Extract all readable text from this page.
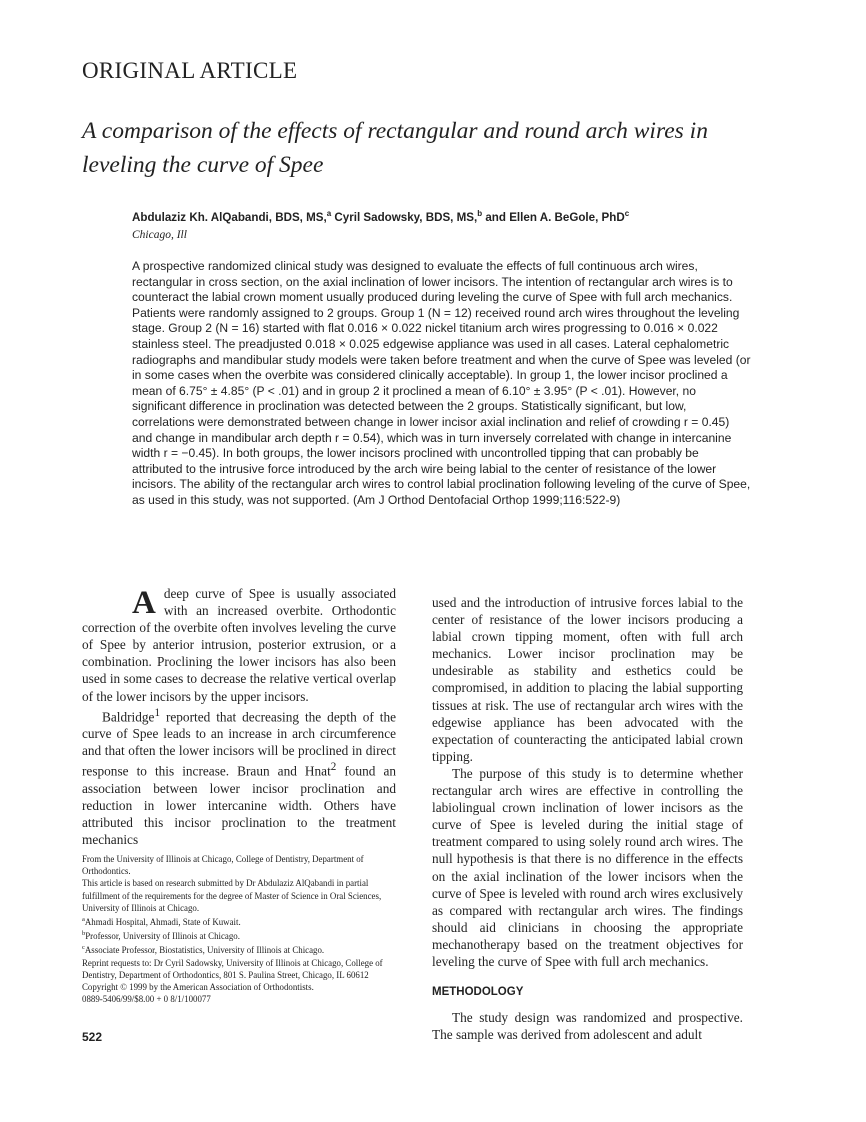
ORIGINAL ARTICLE
A comparison of the effects of rectangular and round arch wires in leveling the curve of Spee
Abdulaziz Kh. AlQabandi, BDS, MS,$^a$ Cyril Sadowsky, BDS, MS,$^b$ and Ellen A. BeGole, PhD$^c$
Chicago, Ill
A prospective randomized clinical study was designed to evaluate the effects of full continuous arch wires, rectangular in cross section, on the axial inclination of lower incisors. The intention of rectangular arch wires is to counteract the labial crown moment usually produced during leveling the curve of Spee with full arch mechanics. Patients were randomly assigned to 2 groups. Group 1 (N = 12) received round arch wires throughout the leveling stage. Group 2 (N = 16) started with flat 0.016 × 0.022 nickel titanium arch wires progressing to 0.016 × 0.022 stainless steel. The preadjusted 0.018 × 0.025 edgewise appliance was used in all cases. Lateral cephalometric radiographs and mandibular study models were taken before treatment and when the curve of Spee was leveled (or in some cases when the overbite was considered clinically acceptable). In group 1, the lower incisor proclined a mean of 6.75° ± 4.85° (P < .01) and in group 2 it proclined a mean of 6.10° ± 3.95° (P < .01). However, no significant difference in proclination was detected between the 2 groups. Statistically significant, but low, correlations were demonstrated between change in lower incisor axial inclination and relief of crowding r = 0.45) and change in mandibular arch depth r = 0.54), which was in turn inversely correlated with change in intercanine width r = −0.45). In both groups, the lower incisors proclined with uncontrolled tipping that can probably be attributed to the intrusive force introduced by the arch wire being labial to the center of resistance of the lower incisors. The ability of the rectangular arch wires to control labial proclination following leveling of the curve of Spee, as used in this study, was not supported. (Am J Orthod Dentofacial Orthop 1999;116:522-9)

Adeep curve of Spee is usually associated with an increased overbite. Orthodontic correction of the overbite often involves leveling the curve of Spee by anterior intrusion, posterior extrusion, or a combination. Proclining the lower incisors has also been used in some cases to decrease the relative vertical overlap of the lower incisors by the upper incisors.

Baldridge$^1$ reported that decreasing the depth of the curve of Spee leads to an increase in arch circumference and that often the lower incisors will be proclined in direct response to this increase. Braun and Hnat$^2$ found an association between lower incisor proclination and reduction in lower intercanine width. Others have attributed this incisor proclination to the treatment mechanics

From the University of Illinois at Chicago, College of Dentistry, Department of Orthodontics.
This article is based on research submitted by Dr Abdulaziz AlQabandi in partial fulfillment of the requirements for the degree of Master of Science in Oral Sciences, University of Illinois at Chicago.
$^a$Ahmadi Hospital, Ahmadi, State of Kuwait.
$^b$Professor, University of Illinois at Chicago.
$^c$Associate Professor, Biostatistics, University of Illinois at Chicago.
Reprint requests to: Dr Cyril Sadowsky, University of Illinois at Chicago, College of Dentistry, Department of Orthodontics, 801 S. Paulina Street, Chicago, IL 60612
Copyright © 1999 by the American Association of Orthodontists.
0889-5406/99/$8.00 + 0 8/1/100077

used and the introduction of intrusive forces labial to the center of resistance of the lower incisors producing a labial crown tipping moment, often with full arch mechanics. Lower incisor proclination may be undesirable as stability and esthetics could be compromised, in addition to placing the labial supporting tissues at risk. The use of rectangular arch wires with the edgewise appliance has been advocated with the expectation of counteracting the anticipated labial crown tipping.

The purpose of this study is to determine whether rectangular arch wires are effective in controlling the labiolingual crown inclination of lower incisors as the curve of Spee is leveled during the initial stage of treatment compared to using solely round arch wires. The null hypothesis is that there is no difference in the effects on the axial inclination of the lower incisors when the curve of Spee is leveled with round arch wires exclusively as compared with rectangular arch wires. The findings should aid clinicians in choosing the appropriate mechanotherapy based on the treatment objectives for leveling the curve of Spee with full arch mechanics.

METHODOLOGY

The study design was randomized and prospective. The sample was derived from adolescent and adult

522
